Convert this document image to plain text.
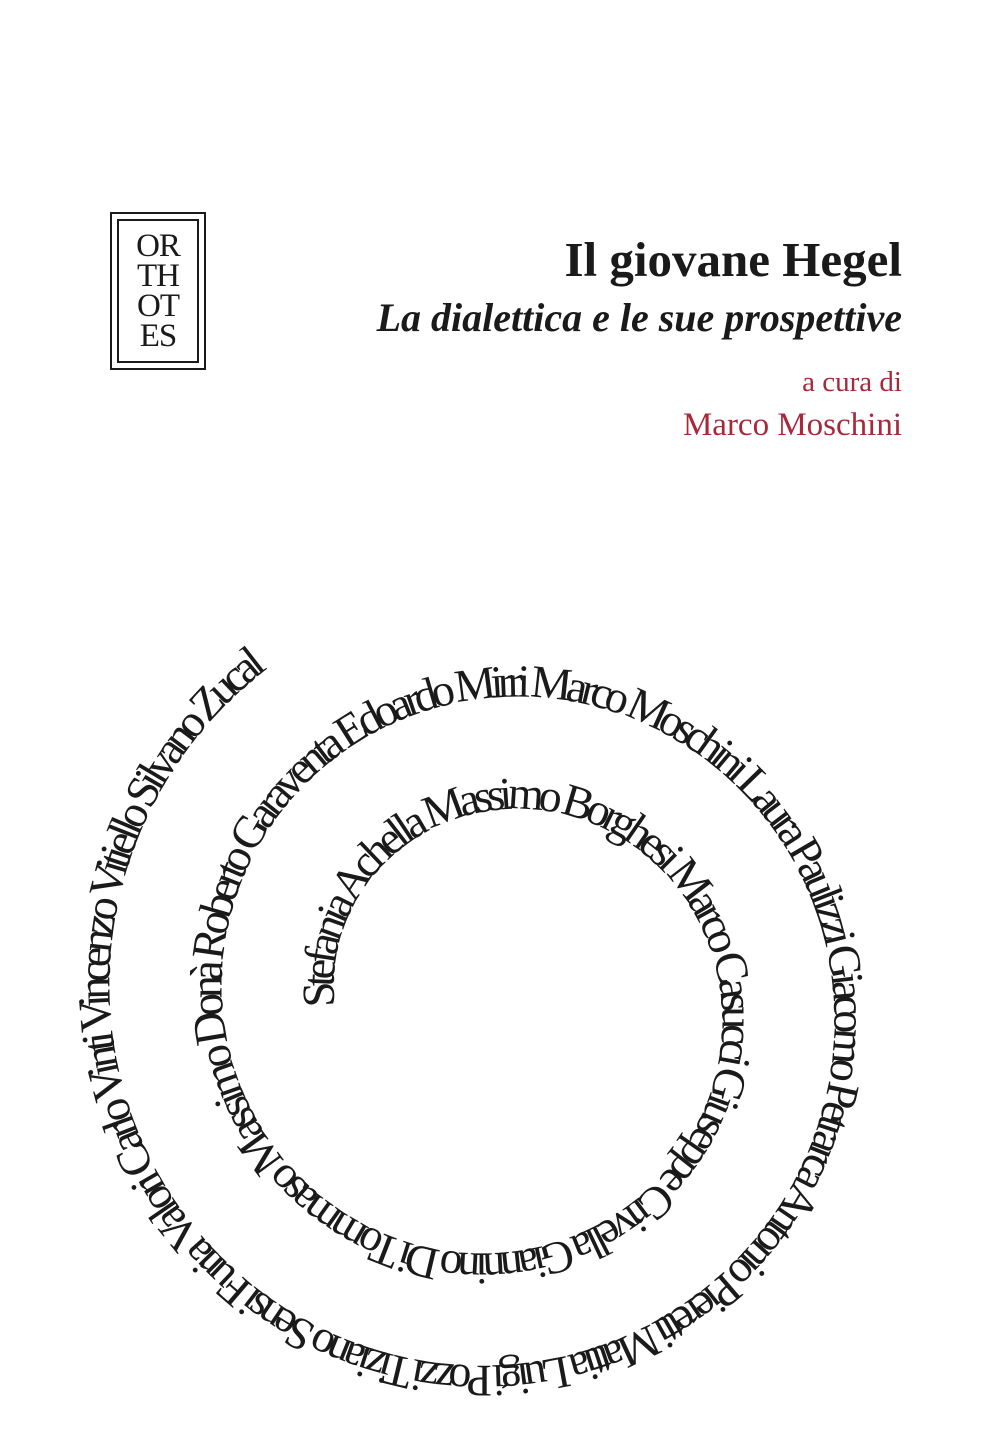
OR
TH
OT
ES
Il giovane Hegel
La dialettica e le sue prospettive
a cura di
Marco Moschini
Stefania Achella Massimo Borghesi Marco Casucci Giuseppe Crivella Giannino Di Tommaso Massimo Donà Roberto Garaventa Edoardo Mirri Marco Moschini Laura Paulizzi Giacomo Petrarca Antonio Pieretti Mattia Luigi Pozzi Tiziano Sensi Furia Valori Carlo Vinti Vincenzo Vitiello Silvano Zucal
